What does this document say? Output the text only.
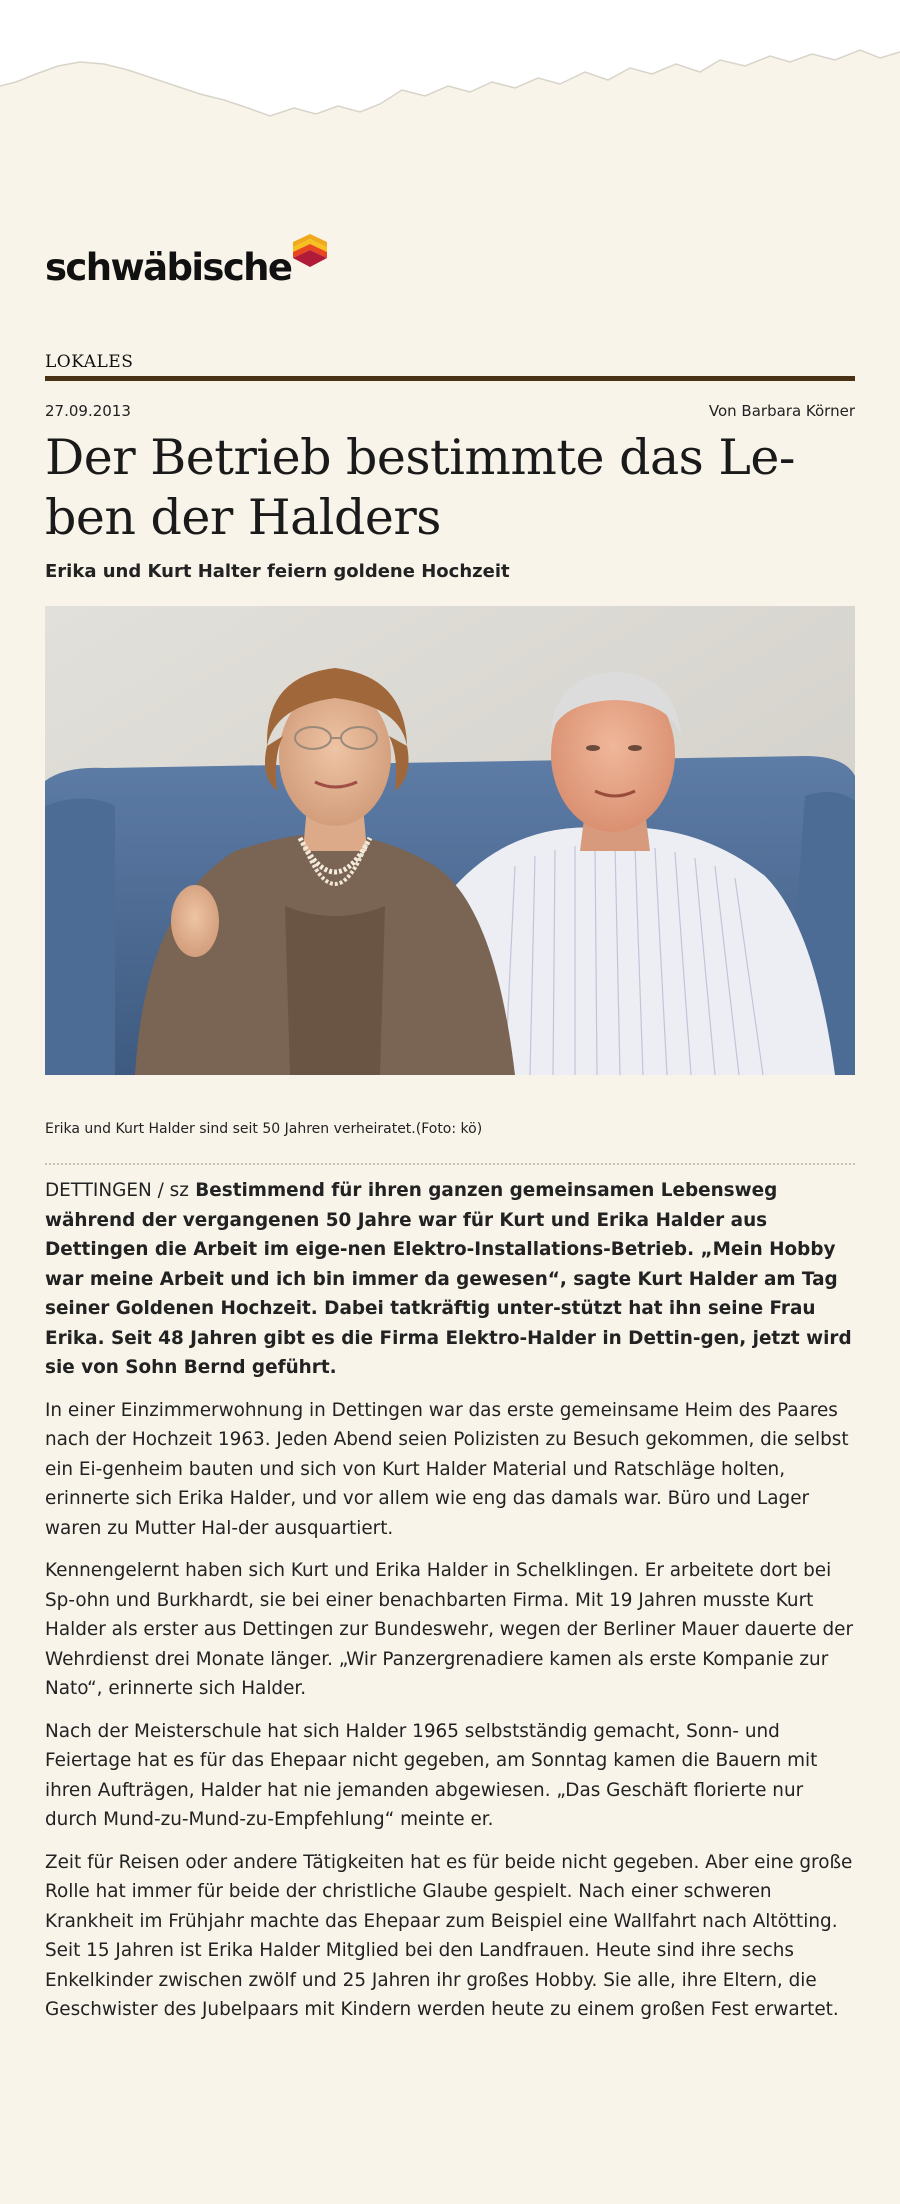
schwäbische
LOKALES
27.09.2013	Von Barbara Körner
Der Betrieb bestimmte das Le-ben der Halders
Erika und Kurt Halter feiern goldene Hochzeit
Erika und Kurt Halder sind seit 50 Jahren verheiratet.(Foto: kö)

DETTINGEN / sz Bestimmend für ihren ganzen gemeinsamen Lebensweg während der vergangenen 50 Jahre war für Kurt und Erika Halder aus Dettingen die Arbeit im eige-nen Elektro-Installations-Betrieb. „Mein Hobby war meine Arbeit und ich bin immer da gewesen“, sagte Kurt Halder am Tag seiner Goldenen Hochzeit. Dabei tatkräftig unter-stützt hat ihn seine Frau Erika. Seit 48 Jahren gibt es die Firma Elektro-Halder in Dettin-gen, jetzt wird sie von Sohn Bernd geführt.

In einer Einzimmerwohnung in Dettingen war das erste gemeinsame Heim des Paares nach der Hochzeit 1963. Jeden Abend seien Polizisten zu Besuch gekommen, die selbst ein Ei-genheim bauten und sich von Kurt Halder Material und Ratschläge holten, erinnerte sich Erika Halder, und vor allem wie eng das damals war. Büro und Lager waren zu Mutter Hal-der ausquartiert.

Kennengelernt haben sich Kurt und Erika Halder in Schelklingen. Er arbeitete dort bei Sp-ohn und Burkhardt, sie bei einer benachbarten Firma. Mit 19 Jahren musste Kurt Halder als erster aus Dettingen zur Bundeswehr, wegen der Berliner Mauer dauerte der Wehrdienst drei Monate länger. „Wir Panzergrenadiere kamen als erste Kompanie zur Nato“, erinnerte sich Halder.

Nach der Meisterschule hat sich Halder 1965 selbstständig gemacht, Sonn- und Feiertage hat es für das Ehepaar nicht gegeben, am Sonntag kamen die Bauern mit ihren Aufträgen, Halder hat nie jemanden abgewiesen. „Das Geschäft florierte nur durch Mund-zu-Mund-zu-Empfehlung“ meinte er.

Zeit für Reisen oder andere Tätigkeiten hat es für beide nicht gegeben. Aber eine große Rolle hat immer für beide der christliche Glaube gespielt. Nach einer schweren Krankheit im Frühjahr machte das Ehepaar zum Beispiel eine Wallfahrt nach Altötting. Seit 15 Jahren ist Erika Halder Mitglied bei den Landfrauen. Heute sind ihre sechs Enkelkinder zwischen zwölf und 25 Jahren ihr großes Hobby. Sie alle, ihre Eltern, die Geschwister des Jubelpaars mit Kindern werden heute zu einem großen Fest erwartet.
